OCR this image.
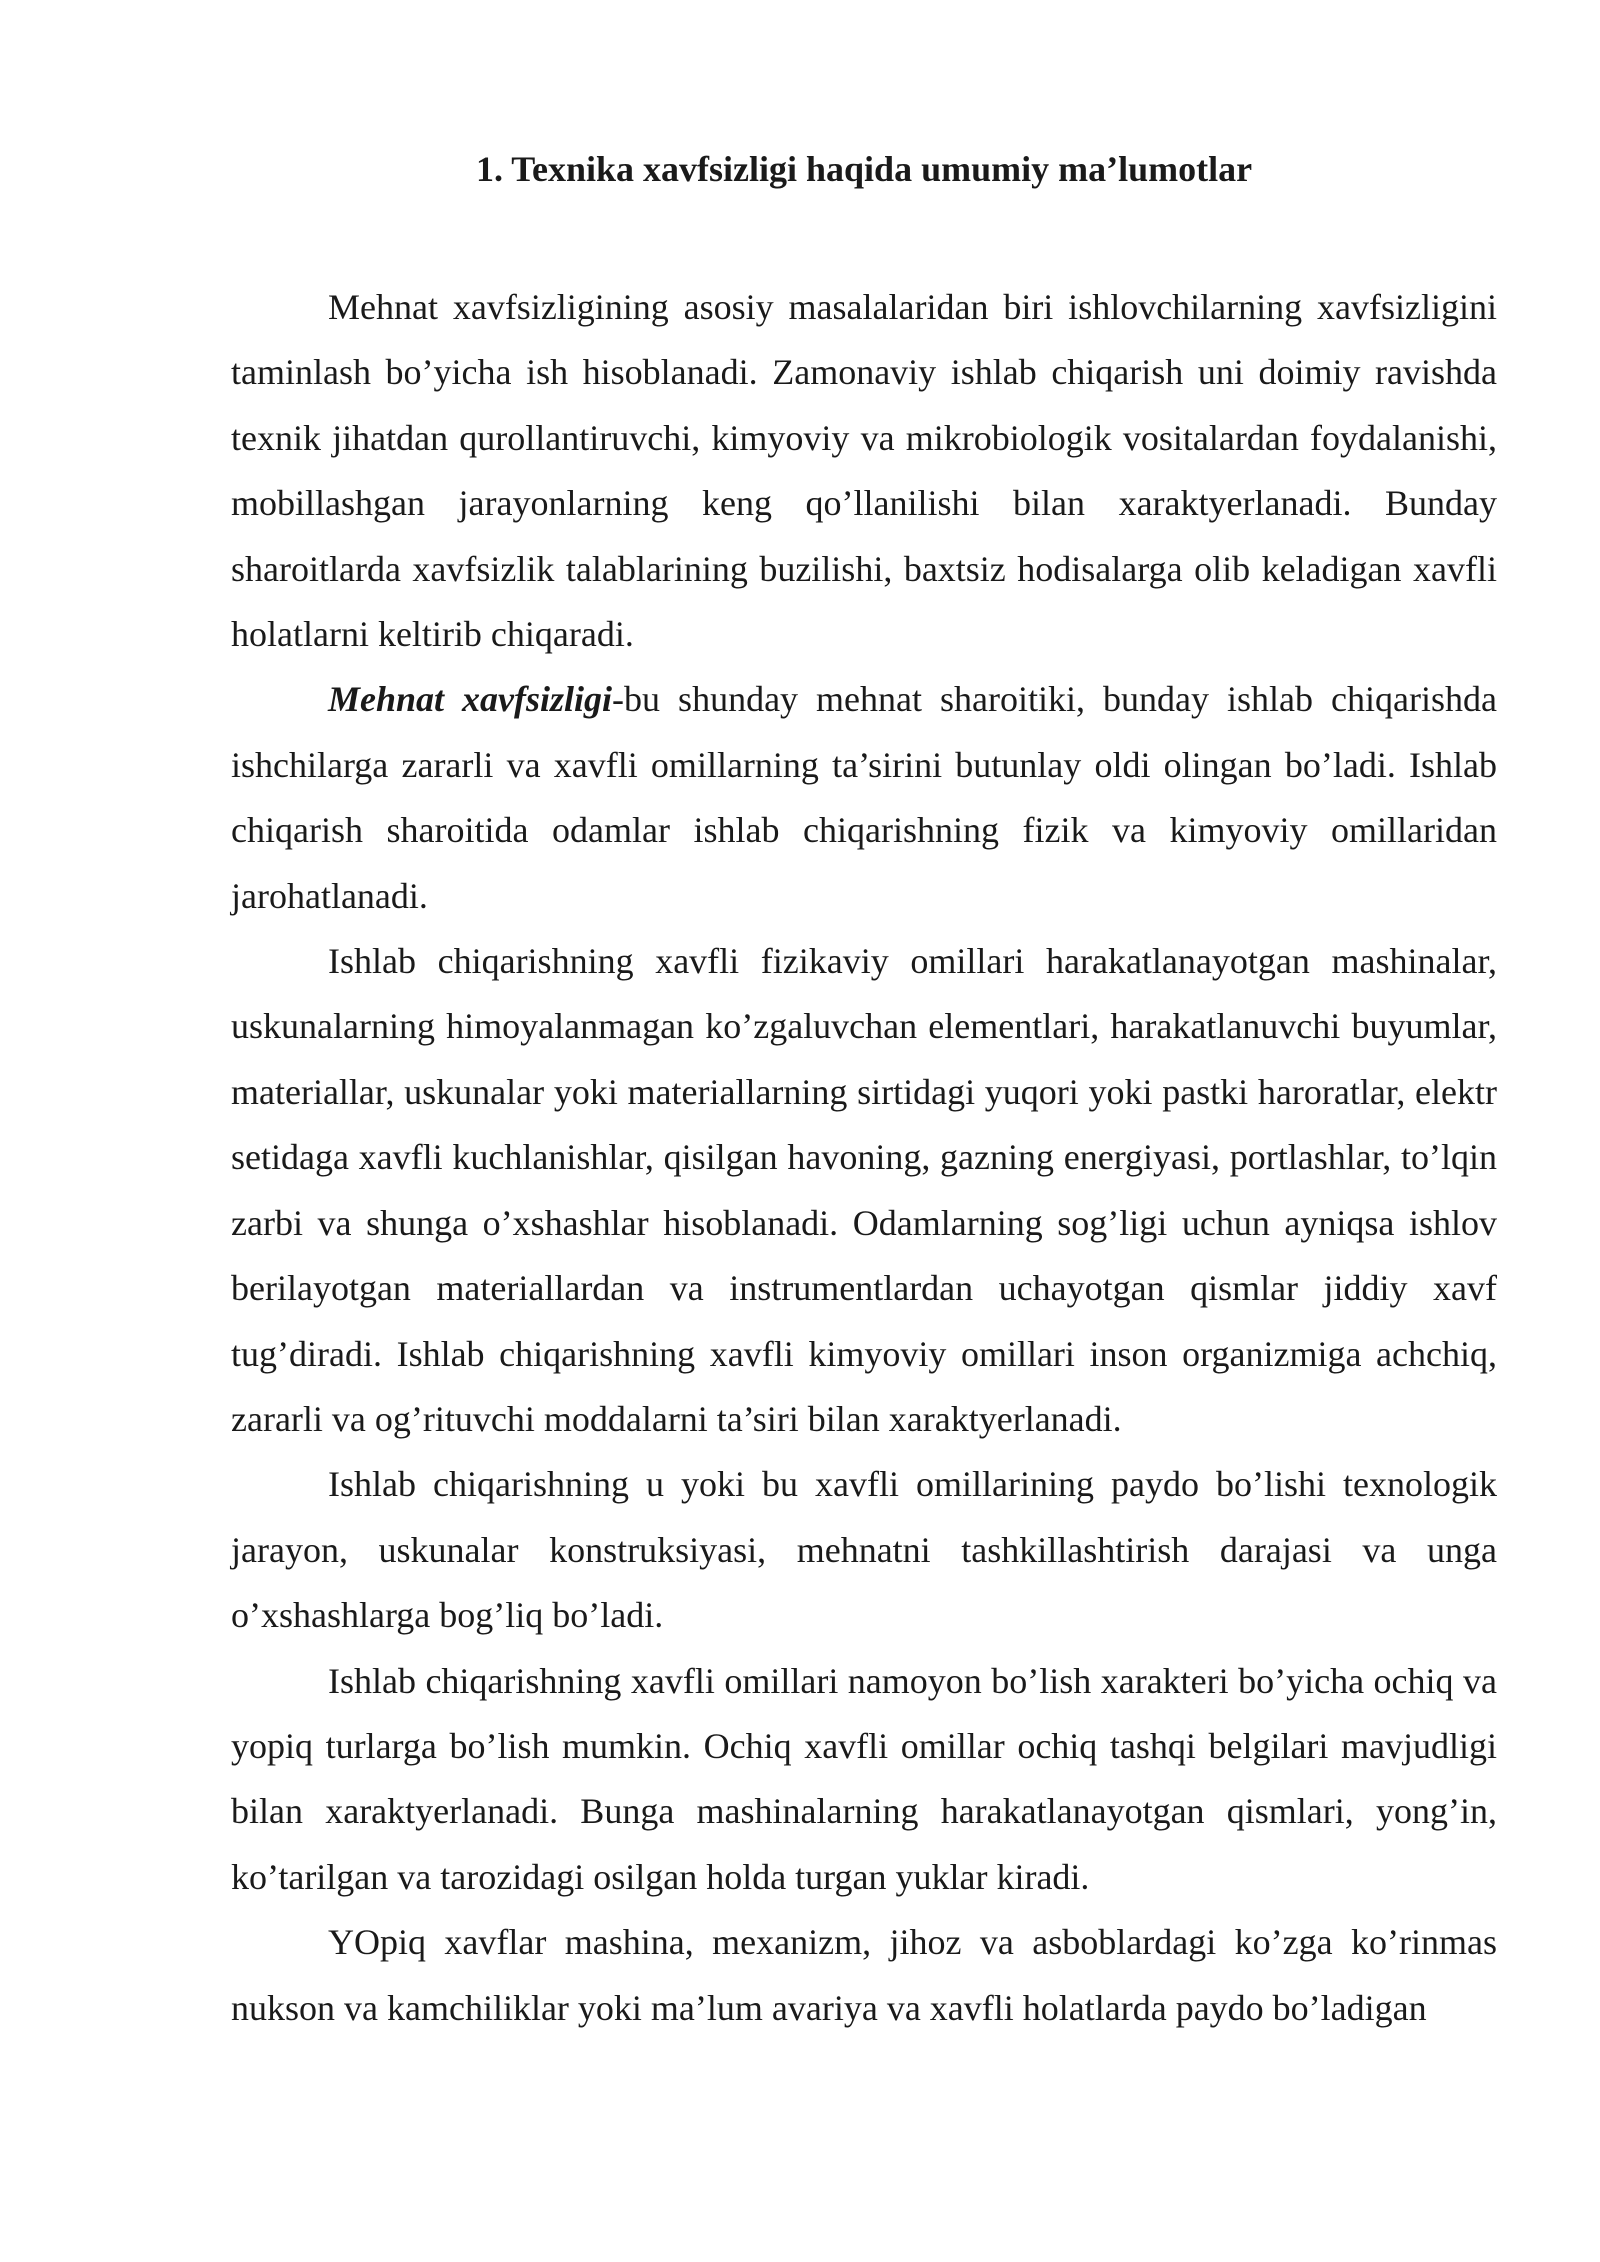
1. Texnika xavfsizligi haqida umumiy ma’lumotlar

Mehnat xavfsizligining asosiy masalalaridan biri ishlovchilarning xavfsizligini taminlash bo’yicha ish hisoblanadi. Zamonaviy ishlab chiqarish uni doimiy ravishda texnik jihatdan qurollantiruvchi, kimyoviy va mikrobiologik vositalardan foydalanishi, mobillashgan jarayonlarning keng qo’llanilishi bilan xaraktyerlanadi. Bunday sharoitlarda xavfsizlik talablarining buzilishi, baxtsiz hodisalarga olib keladigan xavfli holatlarni keltirib chiqaradi.

Mehnat xavfsizligi-bu shunday mehnat sharoitiki, bunday ishlab chiqarishda ishchilarga zararli va xavfli omillarning ta’sirini butunlay oldi olingan bo’ladi. Ishlab chiqarish sharoitida odamlar ishlab chiqarishning fizik va kimyoviy omillaridan jarohatlanadi.

Ishlab chiqarishning xavfli fizikaviy omillari harakatlanayotgan mashinalar, uskunalarning himoyalanmagan ko’zgaluvchan elementlari, harakatlanuvchi buyumlar, materiallar, uskunalar yoki materiallarning sirtidagi yuqori yoki pastki haroratlar, elektr setidaga xavfli kuchlanishlar, qisilgan havoning, gazning energiyasi, portlashlar, to’lqin zarbi va shunga o’xshashlar hisoblanadi. Odamlarning sog’ligi uchun ayniqsa ishlov berilayotgan materiallardan va instrumentlardan uchayotgan qismlar jiddiy xavf tug’diradi. Ishlab chiqarishning xavfli kimyoviy omillari inson organizmiga achchiq, zararli va og’rituvchi moddalarni ta’siri bilan xaraktyerlanadi.

Ishlab chiqarishning u yoki bu xavfli omillarining paydo bo’lishi texnologik jarayon, uskunalar konstruksiyasi, mehnatni tashkillashtirish darajasi va unga o’xshashlarga bog’liq bo’ladi.

Ishlab chiqarishning xavfli omillari namoyon bo’lish xarakteri bo’yicha ochiq va yopiq turlarga bo’lish mumkin. Ochiq xavfli omillar ochiq tashqi belgilari mavjudligi bilan xaraktyerlanadi. Bunga mashinalarning harakatlanayotgan qismlari, yong’in, ko’tarilgan va tarozidagi osilgan holda turgan yuklar kiradi.

YOpiq xavflar mashina, mexanizm, jihoz va asboblardagi ko’zga ko’rinmas nukson va kamchiliklar yoki ma’lum avariya va xavfli holatlarda paydo bo’ladigan
